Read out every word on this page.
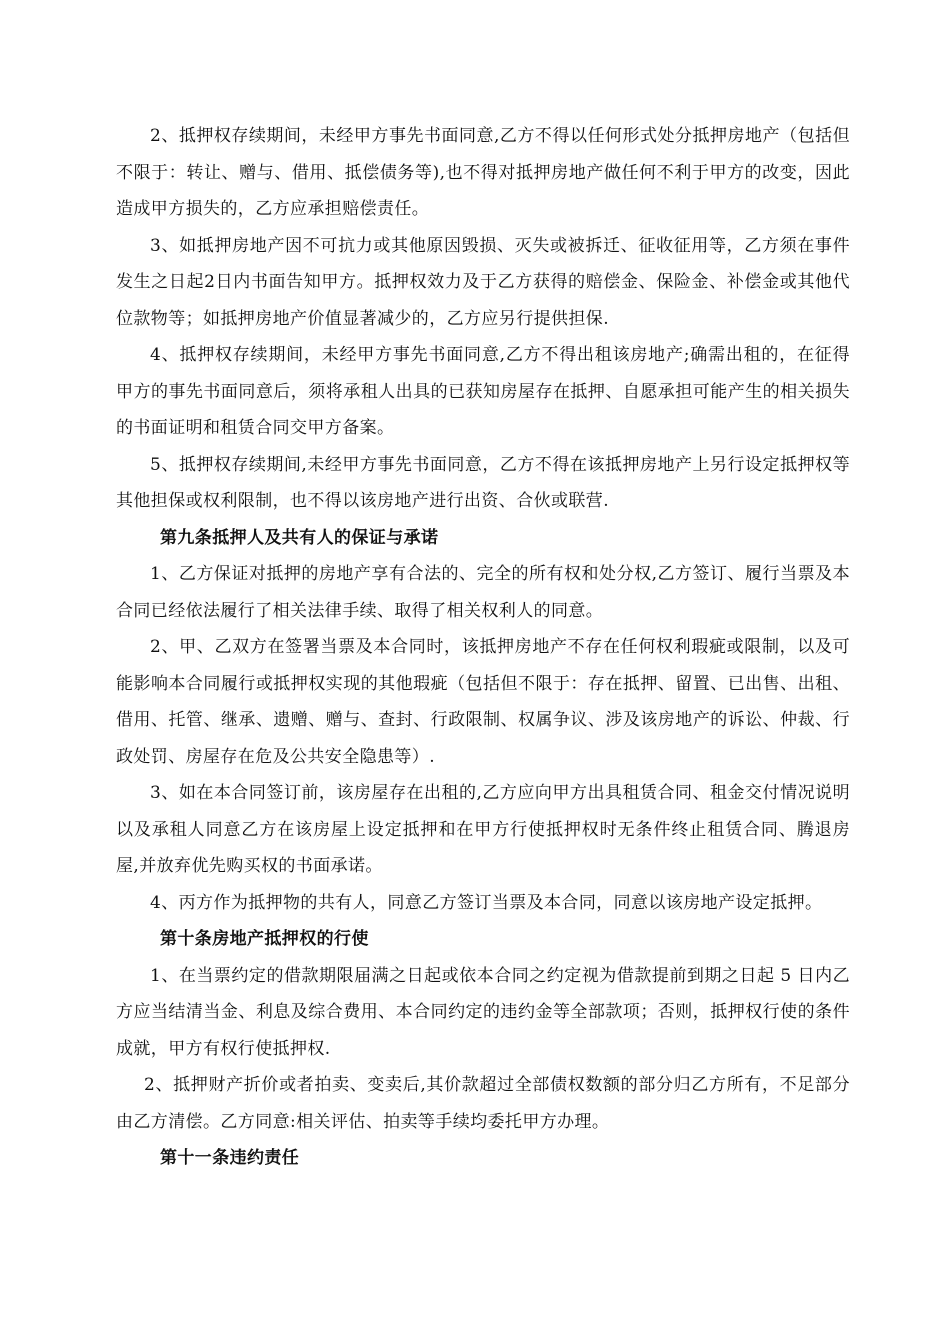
2、抵押权存续期间，未经甲方事先书面同意,乙方不得以任何形式处分抵押房地产（包括但不限于：转让、赠与、借用、抵偿债务等),也不得对抵押房地产做任何不利于甲方的改变，因此造成甲方损失的，乙方应承担赔偿责任。

3、如抵押房地产因不可抗力或其他原因毁损、灭失或被拆迁、征收征用等，乙方须在事件发生之日起2日内书面告知甲方。抵押权效力及于乙方获得的赔偿金、保险金、补偿金或其他代位款物等；如抵押房地产价值显著减少的，乙方应另行提供担保.

4、抵押权存续期间，未经甲方事先书面同意,乙方不得出租该房地产;确需出租的，在征得甲方的事先书面同意后，须将承租人出具的已获知房屋存在抵押、自愿承担可能产生的相关损失的书面证明和租赁合同交甲方备案。

5、抵押权存续期间,未经甲方事先书面同意，乙方不得在该抵押房地产上另行设定抵押权等其他担保或权利限制，也不得以该房地产进行出资、合伙或联营.

第九条抵押人及共有人的保证与承诺

1、乙方保证对抵押的房地产享有合法的、完全的所有权和处分权,乙方签订、履行当票及本合同已经依法履行了相关法律手续、取得了相关权利人的同意。

2、甲、乙双方在签署当票及本合同时，该抵押房地产不存在任何权利瑕疵或限制，以及可能影响本合同履行或抵押权实现的其他瑕疵（包括但不限于：存在抵押、留置、已出售、出租、借用、托管、继承、遗赠、赠与、查封、行政限制、权属争议、涉及该房地产的诉讼、仲裁、行政处罚、房屋存在危及公共安全隐患等）.

3、如在本合同签订前，该房屋存在出租的,乙方应向甲方出具租赁合同、租金交付情况说明以及承租人同意乙方在该房屋上设定抵押和在甲方行使抵押权时无条件终止租赁合同、腾退房屋,并放弃优先购买权的书面承诺。

4、丙方作为抵押物的共有人，同意乙方签订当票及本合同，同意以该房地产设定抵押。

第十条房地产抵押权的行使

1、在当票约定的借款期限届满之日起或依本合同之约定视为借款提前到期之日起 5 日内乙方应当结清当金、利息及综合费用、本合同约定的违约金等全部款项；否则，抵押权行使的条件成就，甲方有权行使抵押权.

2、抵押财产折价或者拍卖、变卖后,其价款超过全部债权数额的部分归乙方所有，不足部分由乙方清偿。乙方同意:相关评估、拍卖等手续均委托甲方办理。

第十一条违约责任
